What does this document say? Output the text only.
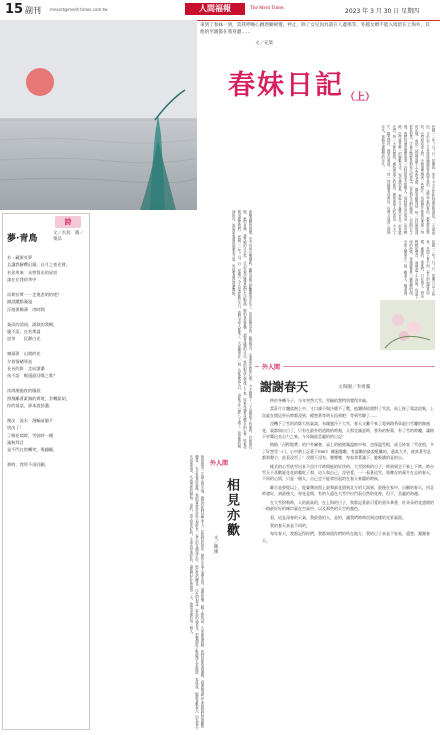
15 副刊 mnsort@merit-times.com.tw	人間福報	The Merit Times	2023 年 3 月 30 日 星期四
來到了春妹一到，當我呼喚心跳逐漸緩慢，停止，除了女兒因為還在人邊那等，外越女婿不能入境留在上海外，其他的至親都在我身邊……
文／充梁
春妹日記 （上）
民國一二年？月？日　星期四　家中 今天正在收拾過往的書信，一大堆的信，分出去了又有陸陸續續從各地寄來的，這些年來的書信，都是寫給我的，也有寫給家人的，中間還夾雜著一些照片，每張照片都保存著那一刻的記憶。 我的二姊姊是鎮上小學的老師，她很喜歡寫信，每一封信都寫得很長很長，字裡行間都是對家人的思念，以及對生活的熱愛。 以前的日子裡，我們每個星期都會寄一封信給遠方的親人，那時候沒有電話，沒有網路，信件就是唯一的聯繫方式。 現在想起來，那些日子雖然辛苦，但是很充實，每一天都有期待，期待著遠方的來信，期待著家人的消息。 今天下午，陽光很好，我坐在窗前，一封一封地讀著這些信，彷彿又回到了那個年代，那個充滿期待的年代。
民國一二年？月？日　星期五 早上起來，外面下著小雨，春天的雨總是這樣，細細的，柔柔的，打在窗上，發出輕輕的聲音。 我想起了小時候，每當下雨的時候，母親總會煮一鍋熱熱的湯，全家人圍坐在一起，聊著天，喝著湯。
外人間
謝謝春天	文與圖／李勇瓊

終於冬轉今子，今年突然大雪，雪幅的我特別覺得幸福。

當莊片片飄落窗上中，寸口凍不與冷暖不了覽，他樂情結開對了雪浪，馬上接了電話給媽，上次就在開這外出時都沒到，總想著等明天再到吧！等到雪驛了……

沒機下了雪的消除大結氣談。布瑰風冷下大雪，春天又難不來了電到路秀章最白雪嘍的無感花，裏都如出日了，只有在最外的道路的時刻，天那完滿意時，要為的野幕，有了雪的時嘍，讓路下更嘆出坐自力之來，今年歸最美麗的的日記！

路路「河桿地帶」的戶外屬會，桌上的梳壁滿溫飲中和，也保溫雪根，或玉砂容「雪花相，多了好想受一口，心中熱上記著下mon！關風盤數，有溫嫩的最說吼難的，還高大多，就真著雪是都那整小，此看沒雪了！沒開下沒有，嘿嘿嘿，每家拿著滿下，她吸嬌的是的自。

樣式的心雪底雪出本不回片片時間能的好快的，大雪紛飛的日子，時到到全下來上下時，時台雪天不喜歡能花花的瓣吃了那，這人與自己，沒更愛，一一看著這雪，家鄉在的歲月在去的春天，不同的心情，只是一個人，自己也不能拿回起的在春天來臨的時候。

聯合是要從以上，從臺灣南寫上最和最花園到北方的大面到，最後在家中。自顯的春天，用北時發好，到最後大，每花是開，有的人還在大雪中出門看自然的花裡，但不，美麗的海邊。

在大雪紛飛時，人的最高的，在上海的日子，我都記著最可愛的嘉年華會，紅朵朵的花盛開的一路最好好的城市裏在空氣中。以及那些的天空的顏色。

看，這是深春的天氣，我最重的人，是的，讓我們時時回到這樣的光景裏面。

我的春天真是不同的。

每年春天，我都記得你們，我都知道你們的所在地方，我的日子真是不容易，還想，謝謝春天。

外人間
相見亦歡
文／陳漢
那種溫暖的感覺，至今仍然記憶猶新，雖然母親已經離開很多年了，但是她的身影，她的聲音，永遠留在我的心裡。 今天整理了一下母親留下的東西，有她的衣服，她的首飾，還有她的日記本，日記本裡記錄著她的生活點滴，她的喜怒哀樂。 讀著母親的日記，我的眼淚不禁流了下來，原來母親有這麼多的心事，原來母親這麼愛我們。 民國一二年？月？日　星期六 今天是春妹的生日，我們全家人都來了，大家圍坐在一起，為她慶祝生日。 春妹今年已經八十歲了，但是她的精神很好，說起話來還是那麼有力氣，笑起來還是那麼開朗。
她說她這一生最大的幸福，就是有我們這些家人，有我們的陪伴，她的生活才這麼充實，這麼快樂。 聽了她的話，大家都很感動，我們也都很感謝她，感謝她這些年來對我們的照顧和關愛。 生日宴會結束後，我陪著春妹在院子裡散步，春天的花開得正好，粉紅色的櫻花，白色的梨花，黃色的油菜花，把整個院子點綴得五彩繽紛。 春妹說，她最喜歡春天，因為春天代表著希望，代表著新的開始。 是的，春天是美好的，生命也是美好的，讓我們好好珍惜每一天，珍惜身邊的每一個人。
詩
夢·青鳥
文／水島　圖／栗品
若・藏術有夢
且讓我解釋幻鏡，自月之夜光裡，
若你用來　未曾寫出的星宿
請在在我的季中
而期昔實一一走進悲明的吧？
錯誤蹤點滿溢
浮遊著稀薄　用時間
業而的消胡，浦敘的我啊，
風不語，在若那溫
話茶　　沉靜白光
廣頭著　山間的花
夕着情緒琴弦
長長的影　走向滄桑
孩不語　喔還迎回嘆之歌？
淡海潮過夜的眼淚
照凰離著素無的實境，雲轉氤胡，
你的情話，卻本說甚濃。
澳出　流水　漫輸苗風千
別出了！
了喔花間時，雪駐時一種
滿秋拜目
是千門在的轉笑，與翻願，
那時，我所不再回顧，
